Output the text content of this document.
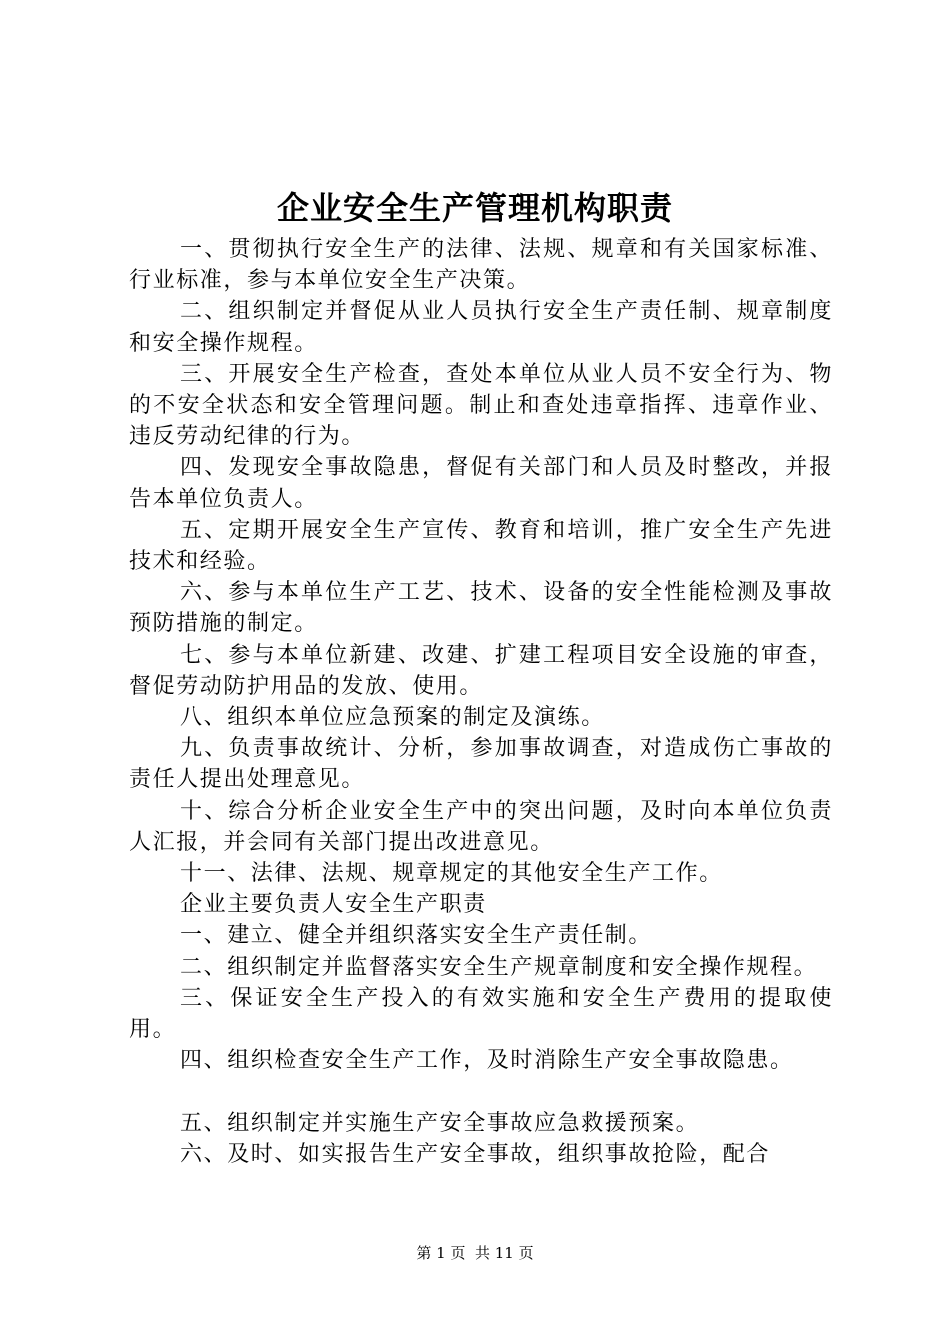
企业安全生产管理机构职责

一、贯彻执行安全生产的法律、法规、规章和有关国家标准、行业标准，参与本单位安全生产决策。

二、组织制定并督促从业人员执行安全生产责任制、规章制度和安全操作规程。

三、开展安全生产检查，查处本单位从业人员不安全行为、物的不安全状态和安全管理问题。制止和查处违章指挥、违章作业、违反劳动纪律的行为。

四、发现安全事故隐患，督促有关部门和人员及时整改，并报告本单位负责人。

五、定期开展安全生产宣传、教育和培训，推广安全生产先进技术和经验。

六、参与本单位生产工艺、技术、设备的安全性能检测及事故预防措施的制定。

七、参与本单位新建、改建、扩建工程项目安全设施的审查，督促劳动防护用品的发放、使用。

八、组织本单位应急预案的制定及演练。

九、负责事故统计、分析，参加事故调查，对造成伤亡事故的责任人提出处理意见。

十、综合分析企业安全生产中的突出问题，及时向本单位负责人汇报，并会同有关部门提出改进意见。

十一、法律、法规、规章规定的其他安全生产工作。

企业主要负责人安全生产职责

一、建立、健全并组织落实安全生产责任制。

二、组织制定并监督落实安全生产规章制度和安全操作规程。

三、保证安全生产投入的有效实施和安全生产费用的提取使用。

四、组织检查安全生产工作，及时消除生产安全事故隐患。

五、组织制定并实施生产安全事故应急救援预案。

六、及时、如实报告生产安全事故，组织事故抢险，配合

第 1 页  共 11 页
